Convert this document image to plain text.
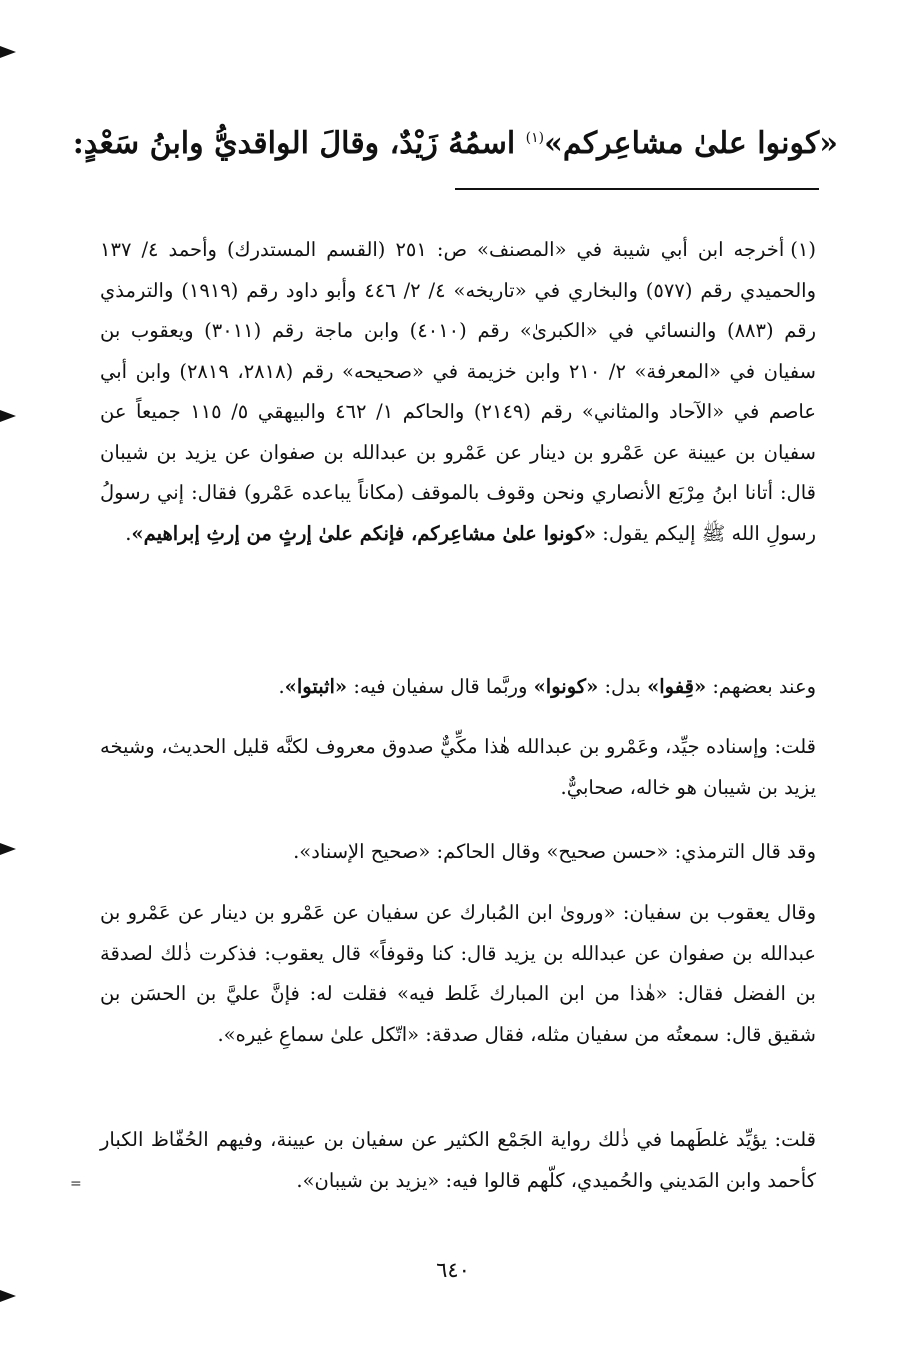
«كونوا علىٰ مشاعِركم»$^{(١)}$ اسمُهُ زَيْدٌ، وقالَ الواقديُّ وابنُ سَعْدٍ:
(١)أخرجه ابن أبي شيبة في «المصنف» ص: ٢٥١ (القسم المستدرك) وأحمد ٤/ ١٣٧ والحميدي رقم (٥٧٧) والبخاري في «تاريخه» ٤/ ٢/ ٤٤٦ وأبو داود رقم (١٩١٩) والترمذي رقم (٨٨٣) والنسائي في «الكبرىٰ» رقم (٤٠١٠) وابن ماجة رقم (٣٠١١) ويعقوب بن سفيان في «المعرفة» ٢/ ٢١٠ وابن خزيمة في «صحيحه» رقم (٢٨١٨، ٢٨١٩) وابن أبي عاصم في «الآحاد والمثاني» رقم (٢١٤٩) والحاكم ١/ ٤٦٢ والبيهقي ٥/ ١١٥ جميعاً عن سفيان بن عيينة عن عَمْرو بن دينار عن عَمْرو بن عبدالله بن صفوان عن يزيد بن شيبان قال: أتانا ابنُ مِرْبَع الأنصاري ونحن وقوف بالموقف (مكاناً يباعده عَمْرو) فقال: إني رسولُ رسولِ الله ﷺ إليكم يقول: «كونوا علىٰ مشاعِركم، فإنكم علىٰ إرثٍ من إرثِ إبراهيم».
وعند بعضهم: «قِفوا» بدل: «كونوا» وربَّما قال سفيان فيه: «اثبتوا».
قلت: وإسناده جيِّد، وعَمْرو بن عبدالله هٰذا مكِّيٌّ صدوق معروف لكنَّه قليل الحديث، وشيخه يزيد بن شيبان هو خاله، صحابيٌّ.
وقد قال الترمذي: «حسن صحيح» وقال الحاكم: «صحيح الإسناد».
وقال يعقوب بن سفيان: «وروىٰ ابن المُبارك عن سفيان عن عَمْرو بن دينار عن عَمْرو بن عبدالله بن صفوان عن عبدالله بن يزيد قال: كنا وقوفاً» قال يعقوب: فذكرت ذٰلك لصدقة بن الفضل فقال: «هٰذا من ابن المبارك غَلط فيه» فقلت له: فإنَّ عليَّ بن الحسَن بن شقيق قال: سمعتُه من سفيان مثله، فقال صدقة: «اتّكل علىٰ سماعِ غيره».
قلت: يؤيِّد غلطَهما في ذٰلك رواية الجَمْع الكثير عن سفيان بن عيينة، وفيهم الحُفّاظ الكبار كأحمد وابن المَديني والحُميدي، كلّهم قالوا فيه: «يزيد بن شيبان».
=
٦٤٠
